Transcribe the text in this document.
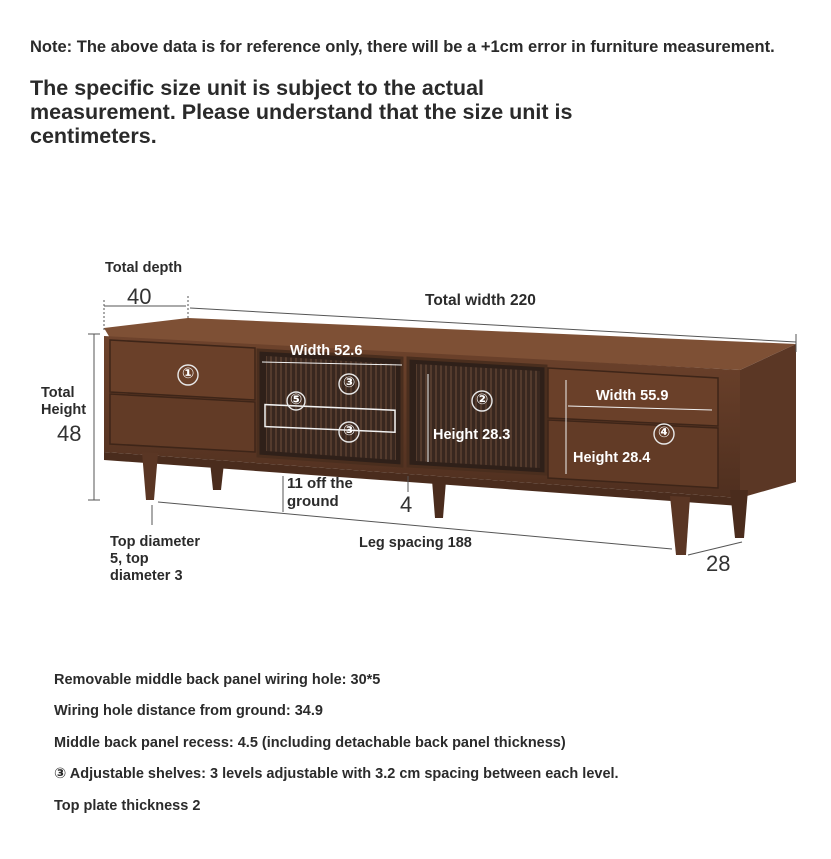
Note: The above data is for reference only, there will be a +1cm error in furniture measurement.
The specific size unit is subject to the actual measurement. Please understand that the size unit is centimeters.
①
②
③
③	④
⑤
Total depth
40	Total width 220
Total Height
48
Width 52.6
Width 55.9
Height 28.3
Height 28.4
11 off the ground	4
Top diameter 5, top diameter 3
Leg spacing 188
28
Removable middle back panel wiring hole: 30*5
Wiring hole distance from ground: 34.9
Middle back panel recess: 4.5 (including detachable back panel thickness)
③ Adjustable shelves: 3 levels adjustable with 3.2 cm spacing between each level.
Top plate thickness 2
